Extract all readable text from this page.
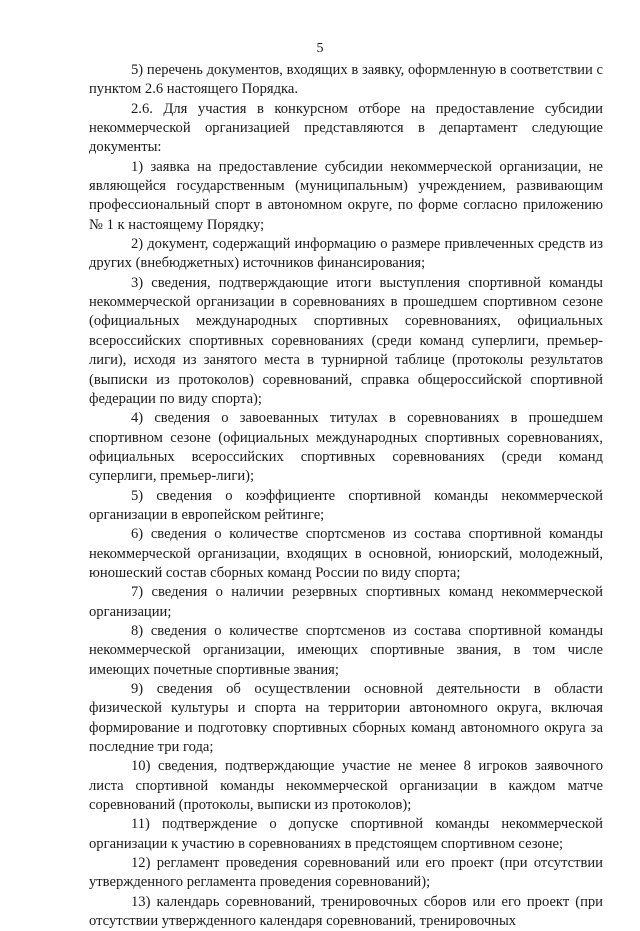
5

5) перечень документов, входящих в заявку, оформленную в соответствии с пунктом 2.6 настоящего Порядка.

2.6. Для участия в конкурсном отборе на предоставление субсидии некоммерческой организацией представляются в департамент следующие документы:

1) заявка на предоставление субсидии некоммерческой организации, не являющейся государственным (муниципальным) учреждением, развивающим профессиональный спорт в автономном округе, по форме согласно приложению № 1 к настоящему Порядку;

2) документ, содержащий информацию о размере привлеченных средств из других (внебюджетных) источников финансирования;

3) сведения, подтверждающие итоги выступления спортивной команды некоммерческой организации в соревнованиях в прошедшем спортивном сезоне (официальных международных спортивных соревнованиях, официальных всероссийских спортивных соревнованиях (среди команд суперлиги, премьер-лиги), исходя из занятого места в турнирной таблице (протоколы результатов (выписки из протоколов) соревнований, справка общероссийской спортивной федерации по виду спорта);

4) сведения о завоеванных титулах в соревнованиях в прошедшем спортивном сезоне (официальных международных спортивных соревнованиях, официальных всероссийских спортивных соревнованиях (среди команд суперлиги, премьер-лиги);

5) сведения о коэффициенте спортивной команды некоммерческой организации в европейском рейтинге;

6) сведения о количестве спортсменов из состава спортивной команды некоммерческой организации, входящих в основной, юниорский, молодежный, юношеский состав сборных команд России по виду спорта;

7) сведения о наличии резервных спортивных команд некоммерческой организации;

8) сведения о количестве спортсменов из состава спортивной команды некоммерческой организации, имеющих спортивные звания, в том числе имеющих почетные спортивные звания;

9) сведения об осуществлении основной деятельности в области физической культуры и спорта на территории автономного округа, включая формирование и подготовку спортивных сборных команд автономного округа за последние три года;

10) сведения, подтверждающие участие не менее 8 игроков заявочного листа спортивной команды некоммерческой организации в каждом матче соревнований (протоколы, выписки из протоколов);

11) подтверждение о допуске спортивной команды некоммерческой организации к участию в соревнованиях в предстоящем спортивном сезоне;

12) регламент проведения соревнований или его проект (при отсутствии утвержденного регламента проведения соревнований);

13) календарь соревнований, тренировочных сборов или его проект (при отсутствии утвержденного календаря соревнований, тренировочных
